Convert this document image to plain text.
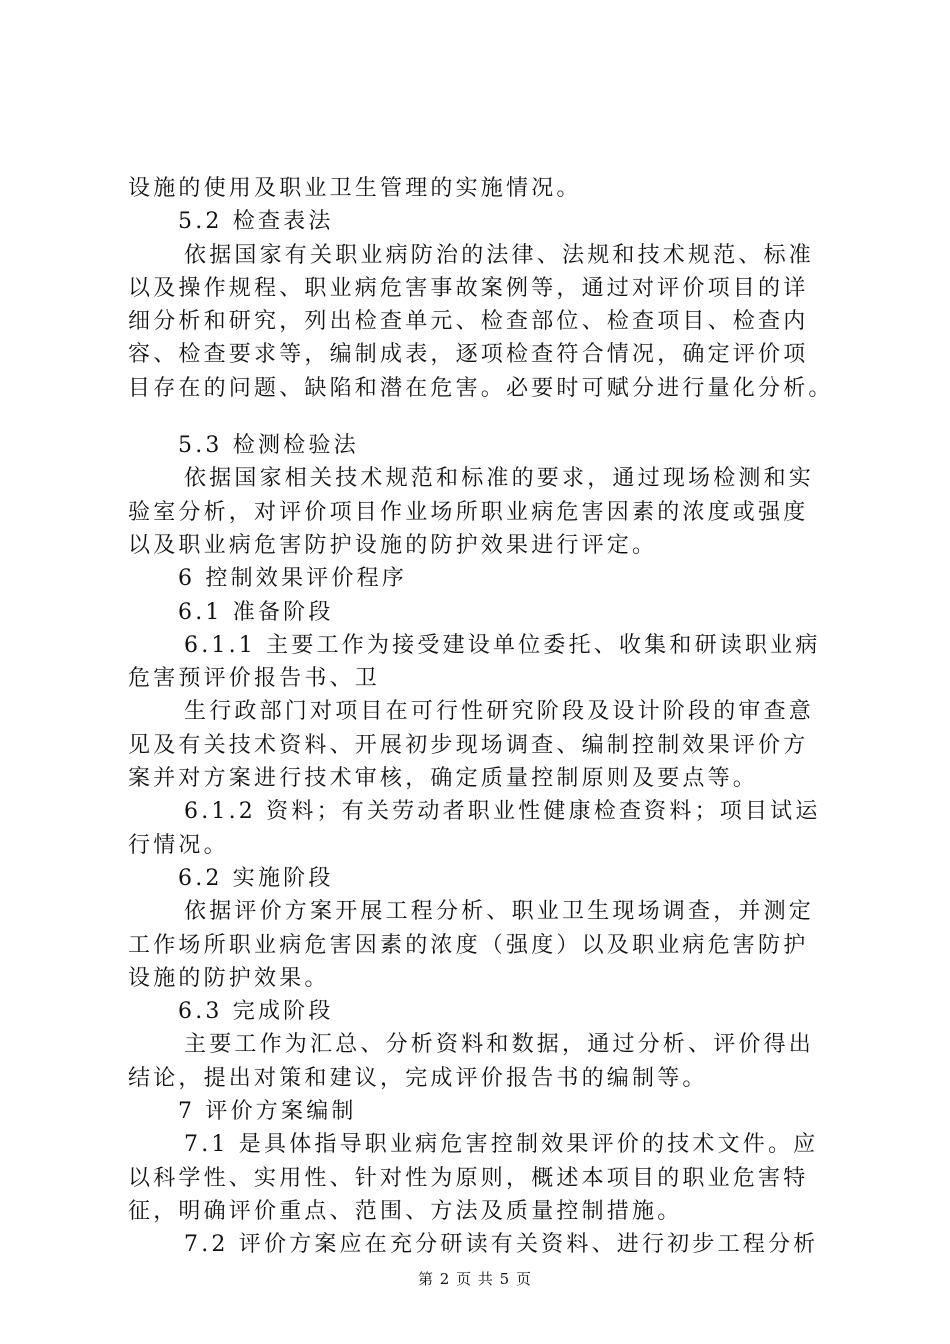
设施的使用及职业卫生管理的实施情况。
5.2 检查表法
依据国家有关职业病防治的法律、法规和技术规范、标准
以及操作规程、职业病危害事故案例等，通过对评价项目的详
细分析和研究，列出检查单元、检查部位、检查项目、检查内
容、检查要求等，编制成表，逐项检查符合情况，确定评价项
目存在的问题、缺陷和潜在危害。必要时可赋分进行量化分析。
5.3 检测检验法
依据国家相关技术规范和标准的要求，通过现场检测和实
验室分析，对评价项目作业场所职业病危害因素的浓度或强度
以及职业病危害防护设施的防护效果进行评定。
6 控制效果评价程序
6.1 准备阶段
6.1.1 主要工作为接受建设单位委托、收集和研读职业病
危害预评价报告书、卫
生行政部门对项目在可行性研究阶段及设计阶段的审查意
见及有关技术资料、开展初步现场调查、编制控制效果评价方
案并对方案进行技术审核，确定质量控制原则及要点等。
6.1.2 资料；有关劳动者职业性健康检查资料；项目试运
行情况。
6.2 实施阶段
依据评价方案开展工程分析、职业卫生现场调查，并测定
工作场所职业病危害因素的浓度（强度）以及职业病危害防护
设施的防护效果。
6.3 完成阶段
主要工作为汇总、分析资料和数据，通过分析、评价得出
结论，提出对策和建议，完成评价报告书的编制等。
7 评价方案编制
7.1 是具体指导职业病危害控制效果评价的技术文件。应
以科学性、实用性、针对性为原则，概述本项目的职业危害特
征，明确评价重点、范围、方法及质量控制措施。
7.2 评价方案应在充分研读有关资料、进行初步工程分析
第 2 页 共 5 页
